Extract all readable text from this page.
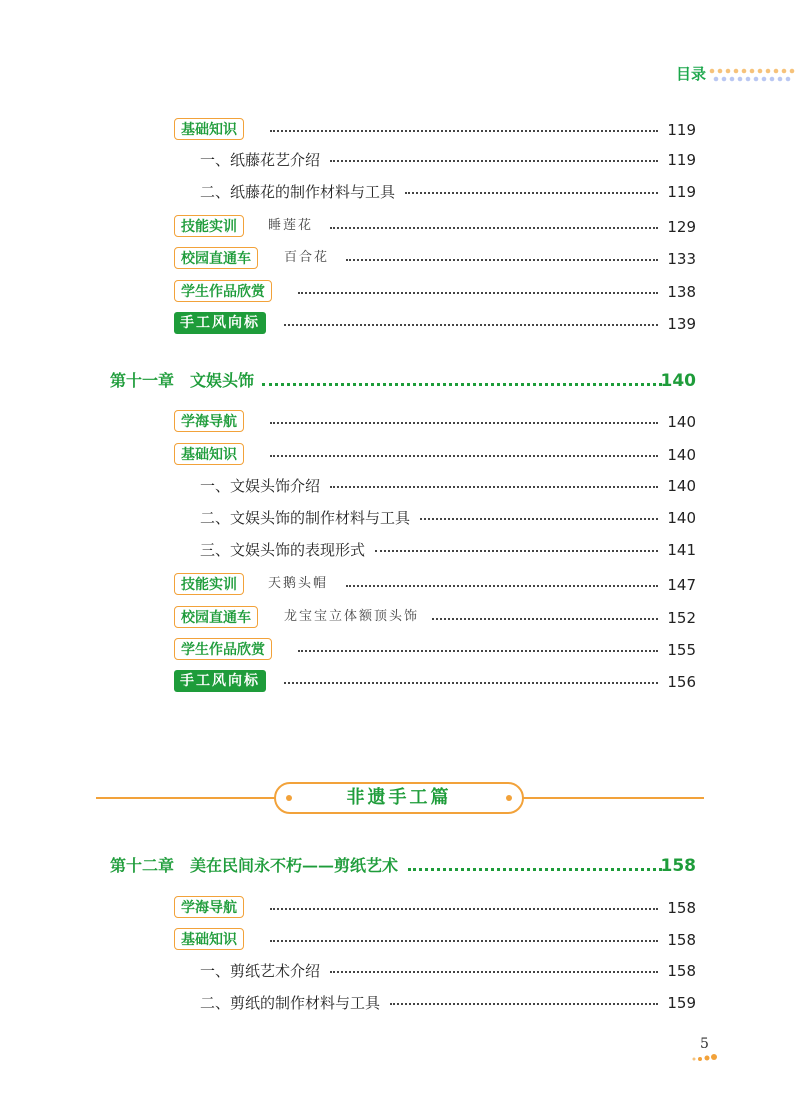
目录
基础知识	119
一、纸藤花艺介绍	119
二、纸藤花的制作材料与工具	119
技能实训	睡莲花	129
校园直通车	百合花	133
学生作品欣赏	138
手工风向标	139
第十一章　文娱头饰	140
学海导航	140
基础知识	140
一、文娱头饰介绍	140
二、文娱头饰的制作材料与工具	140
三、文娱头饰的表现形式	141
技能实训	天鹅头帽	147
校园直通车	龙宝宝立体额顶头饰	152
学生作品欣赏	155
手工风向标	156
非遗手工篇
第十二章　美在民间永不朽——剪纸艺术	158
学海导航	158
基础知识	158
一、剪纸艺术介绍	158
二、剪纸的制作材料与工具	159
5
